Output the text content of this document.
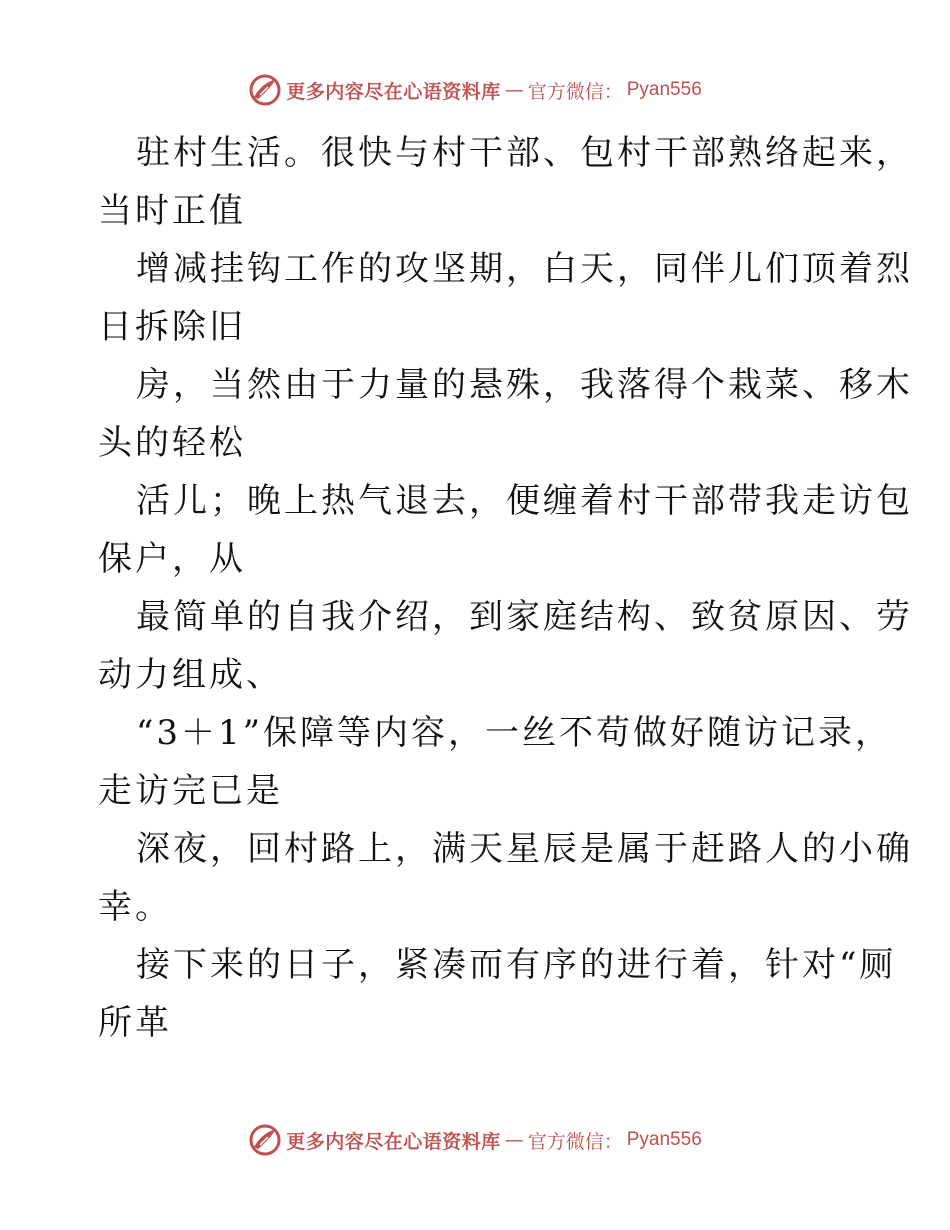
更多内容尽在心语资料库 — 官方微信： Pyan556

驻村生活。很快与村干部、包村干部熟络起来，
当时正值

增减挂钩工作的攻坚期，白天，同伴儿们顶着烈
日拆除旧

房，当然由于力量的悬殊，我落得个栽菜、移木
头的轻松

活儿；晚上热气退去，便缠着村干部带我走访包
保户，从

最简单的自我介绍，到家庭结构、致贫原因、劳
动力组成、

“3＋1”保障等内容，一丝不苟做好随访记录，
走访完已是

深夜，回村路上，满天星辰是属于赶路人的小确
幸。

接下来的日子，紧凑而有序的进行着，针对“厕
所革

更多内容尽在心语资料库 — 官方微信： Pyan556
